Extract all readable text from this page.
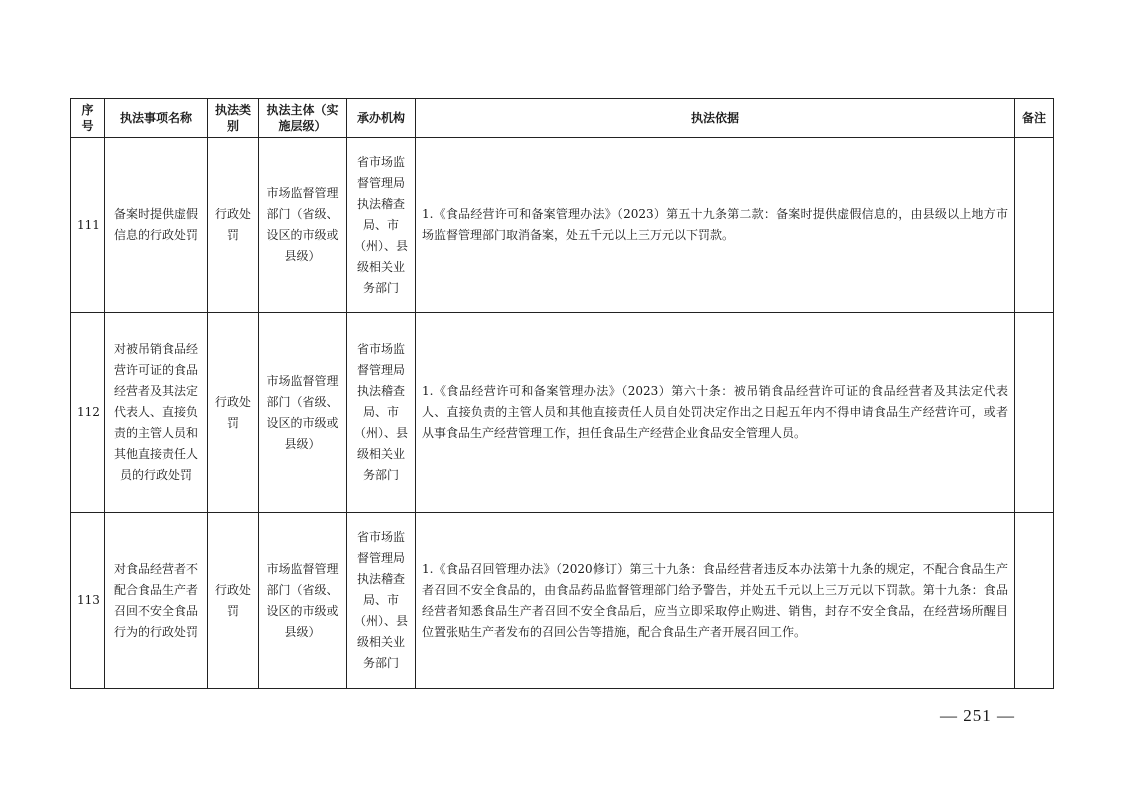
序号	执法事项名称	执法类别	执法主体（实施层级）	承办机构	执法依据	备注
111	备案时提供虚假信息的行政处罚	行政处罚	市场监督管理部门（省级、设区的市级或县级）	省市场监督管理局执法稽查局、市（州）、县级相关业务部门	1.《食品经营许可和备案管理办法》（2023）第五十九条第二款：备案时提供虚假信息的，由县级以上地方市场监督管理部门取消备案，处五千元以上三万元以下罚款。	
112	对被吊销食品经营许可证的食品经营者及其法定代表人、直接负责的主管人员和其他直接责任人员的行政处罚	行政处罚	市场监督管理部门（省级、设区的市级或县级）	省市场监督管理局执法稽查局、市（州）、县级相关业务部门	1.《食品经营许可和备案管理办法》（2023）第六十条：被吊销食品经营许可证的食品经营者及其法定代表人、直接负责的主管人员和其他直接责任人员自处罚决定作出之日起五年内不得申请食品生产经营许可，或者从事食品生产经营管理工作，担任食品生产经营企业食品安全管理人员。	
113	对食品经营者不配合食品生产者召回不安全食品行为的行政处罚	行政处罚	市场监督管理部门（省级、设区的市级或县级）	省市场监督管理局执法稽查局、市（州）、县级相关业务部门	1.《食品召回管理办法》（2020修订）第三十九条：食品经营者违反本办法第十九条的规定，不配合食品生产者召回不安全食品的，由食品药品监督管理部门给予警告，并处五千元以上三万元以下罚款。第十九条：食品经营者知悉食品生产者召回不安全食品后，应当立即采取停止购进、销售，封存不安全食品，在经营场所醒目位置张贴生产者发布的召回公告等措施，配合食品生产者开展召回工作。	
— 251 —
